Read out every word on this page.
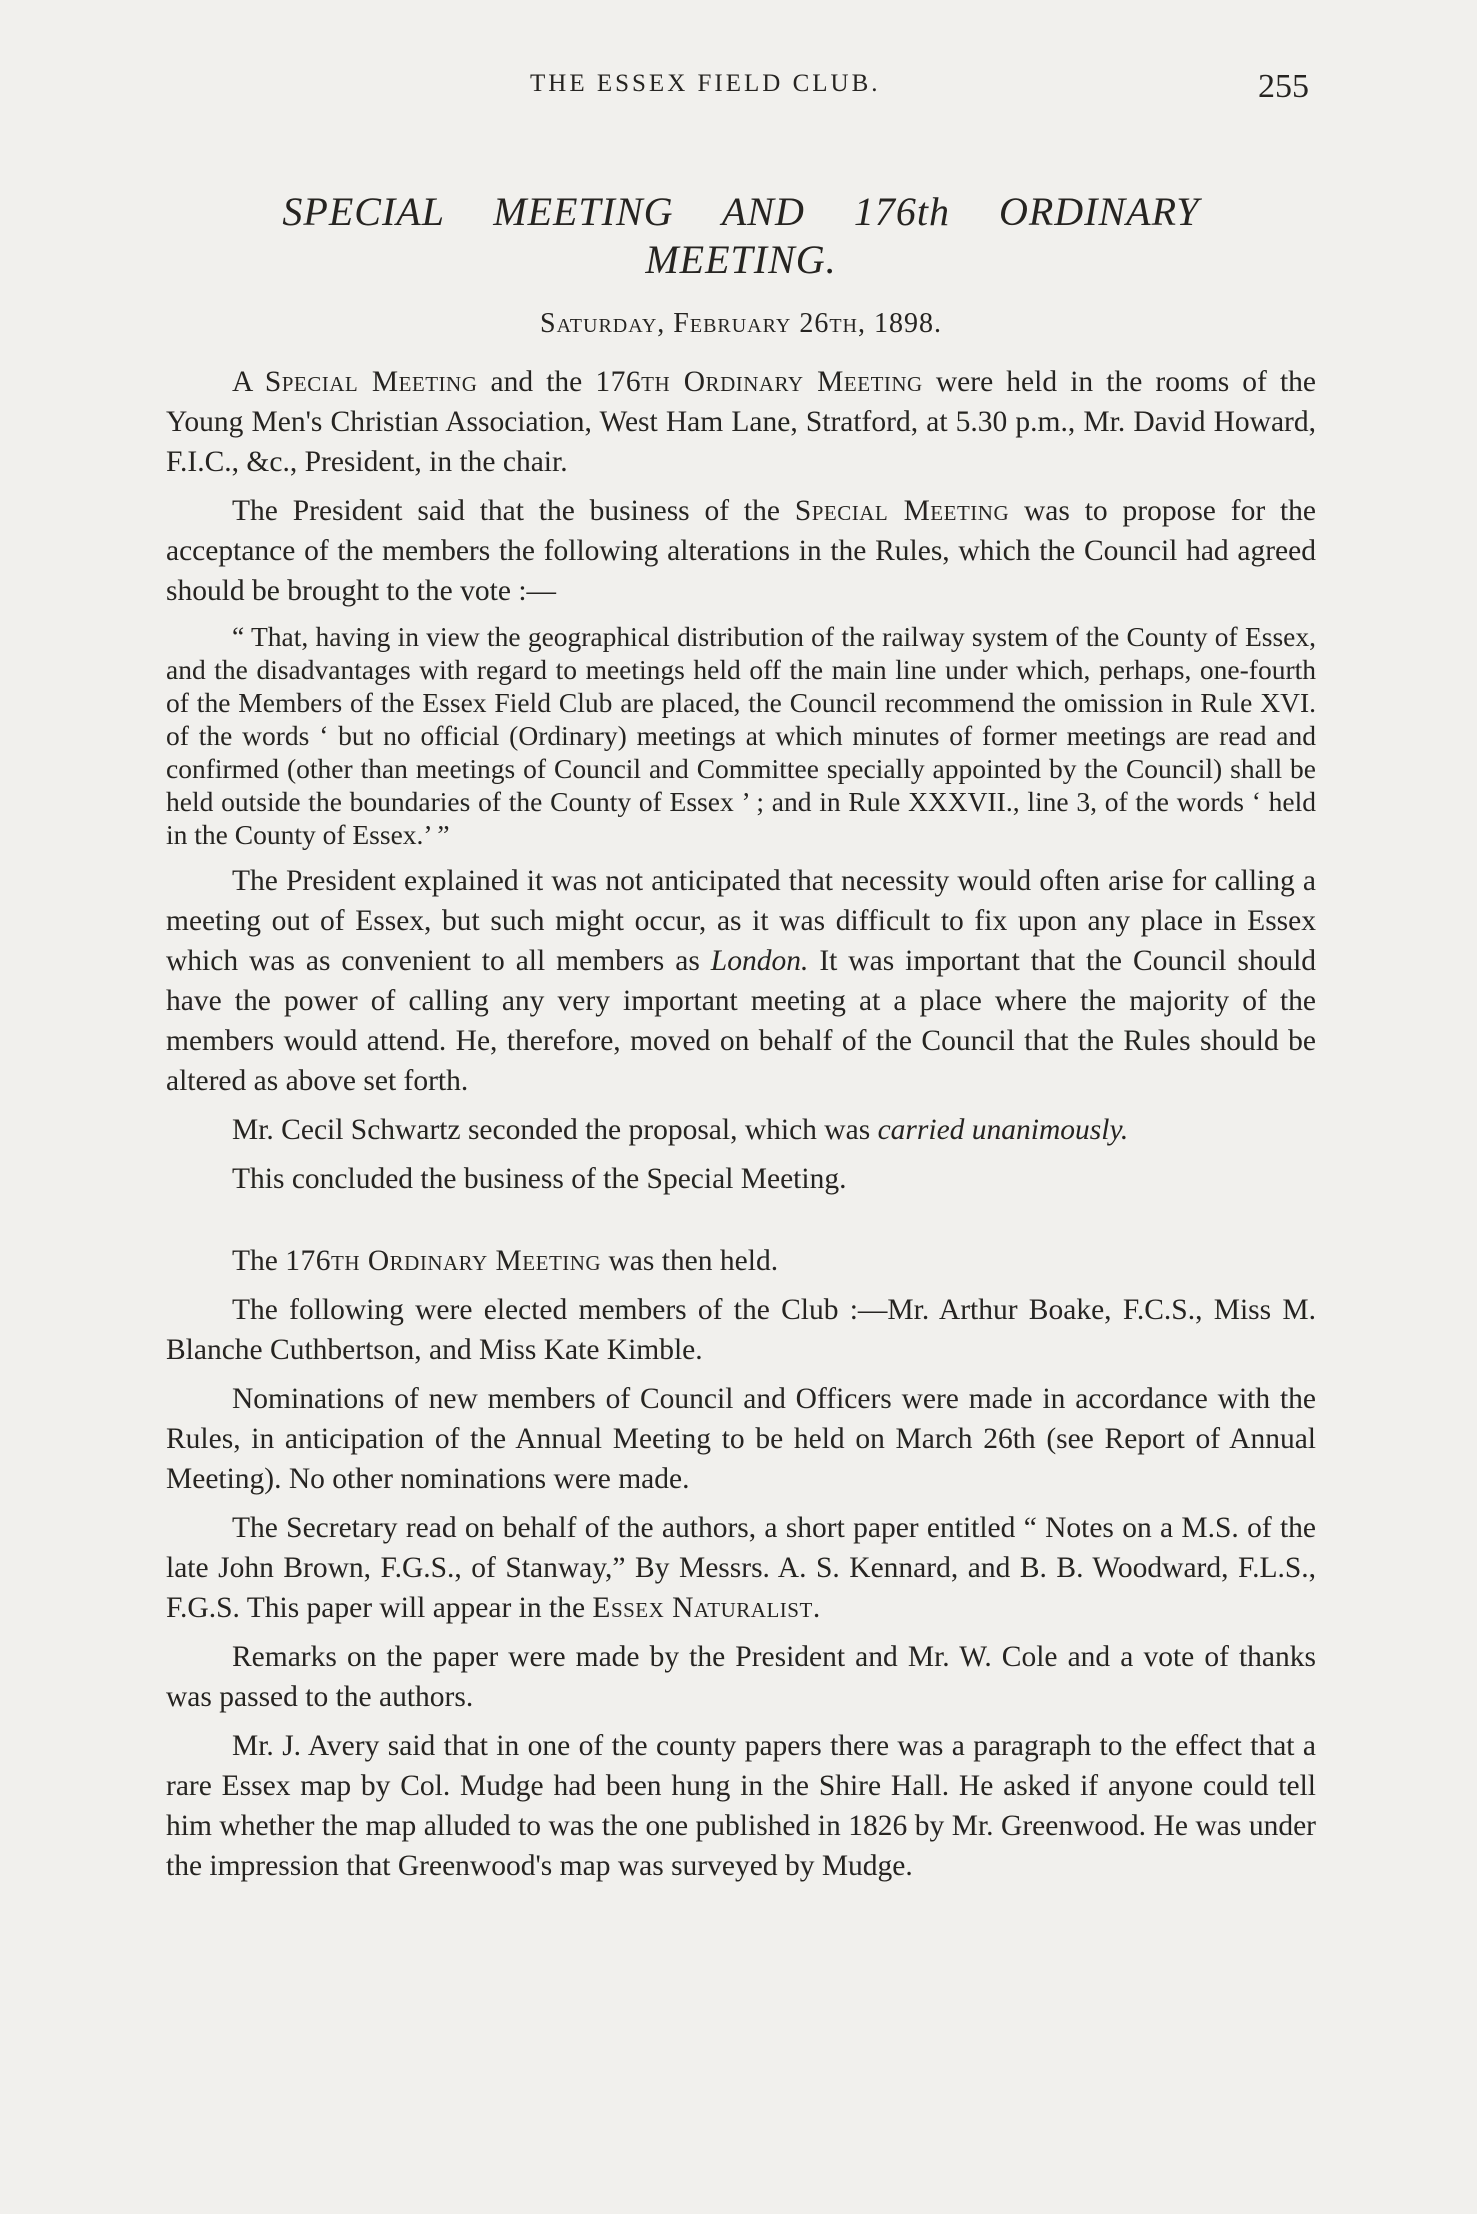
THE ESSEX FIELD CLUB.	255
SPECIAL MEETING AND 176th ORDINARY MEETING.
Saturday, February 26th, 1898.

A Special Meeting and the 176th Ordinary Meeting were held in the rooms of the Young Men's Christian Association, West Ham Lane, Stratford, at 5.30 p.m., Mr. David Howard, F.I.C., &c., President, in the chair.

The President said that the business of the Special Meeting was to propose for the acceptance of the members the following alterations in the Rules, which the Council had agreed should be brought to the vote :—

“ That, having in view the geographical distribution of the railway system of the County of Essex, and the disadvantages with regard to meetings held off the main line under which, perhaps, one-fourth of the Members of the Essex Field Club are placed, the Council recommend the omission in Rule XVI. of the words ‘ but no official (Ordinary) meetings at which minutes of former meetings are read and confirmed (other than meetings of Council and Committee specially appointed by the Council) shall be held outside the boundaries of the County of Essex ’ ; and in Rule XXXVII., line 3, of the words ‘ held in the County of Essex.’ ”

The President explained it was not anticipated that necessity would often arise for calling a meeting out of Essex, but such might occur, as it was difficult to fix upon any place in Essex which was as convenient to all members as London. It was important that the Council should have the power of calling any very important meeting at a place where the majority of the members would attend. He, therefore, moved on behalf of the Council that the Rules should be altered as above set forth.

Mr. Cecil Schwartz seconded the proposal, which was carried unanimously.

This concluded the business of the Special Meeting.

The 176th Ordinary Meeting was then held.

The following were elected members of the Club :—Mr. Arthur Boake, F.C.S., Miss M. Blanche Cuthbertson, and Miss Kate Kimble.

Nominations of new members of Council and Officers were made in accordance with the Rules, in anticipation of the Annual Meeting to be held on March 26th (see Report of Annual Meeting). No other nominations were made.

The Secretary read on behalf of the authors, a short paper entitled “ Notes on a M.S. of the late John Brown, F.G.S., of Stanway,” By Messrs. A. S. Kennard, and B. B. Woodward, F.L.S., F.G.S. This paper will appear in the Essex Naturalist.

Remarks on the paper were made by the President and Mr. W. Cole and a vote of thanks was passed to the authors.

Mr. J. Avery said that in one of the county papers there was a paragraph to the effect that a rare Essex map by Col. Mudge had been hung in the Shire Hall. He asked if anyone could tell him whether the map alluded to was the one published in 1826 by Mr. Greenwood. He was under the impression that Greenwood's map was surveyed by Mudge.
